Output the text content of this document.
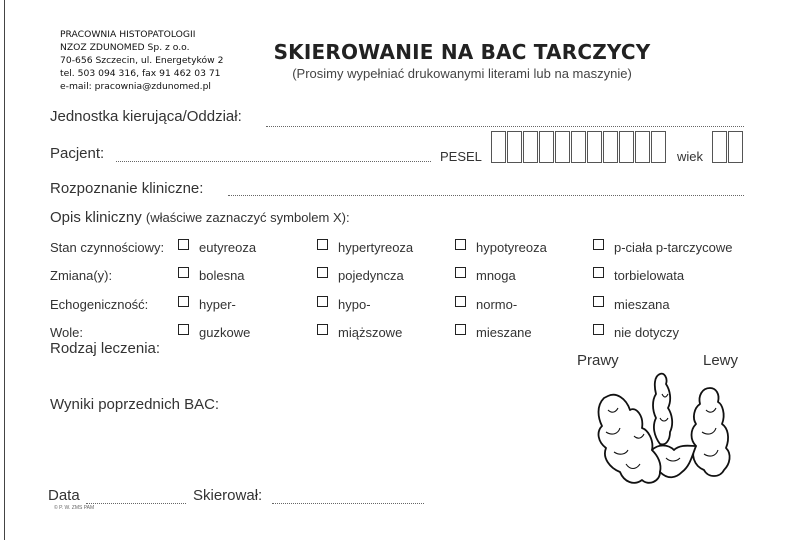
PRACOWNIA HISTOPATOLOGII
NZOZ ZDUNOMED Sp. z o.o.
70-656 Szczecin, ul. Energetyków 2
tel. 503 094 316, fax 91 462 03 71
e-mail: pracownia@zdunomed.pl
SKIEROWANIE NA BAC TARCZYCY
(Prosimy wypełniać drukowanymi literami lub na maszynie)
Jednostka kierująca/Oddział:
Pacjent:	PESEL	wiek
Rozpoznanie kliniczne:
Opis kliniczny (właściwe zaznaczyć symbolem X):
Stan czynnościowy:	eutyreoza	hypertyreoza	hypotyreoza	p-ciała p-tarczycowe
Zmiana(y):	bolesna	pojedyncza	mnoga	torbielowata
Echogeniczność:	hyper-	hypo-	normo-	mieszana
Wole:	guzkowe	miąższowe	mieszane	nie dotyczy
Rodzaj leczenia:
Wyniki poprzednich BAC:
Prawy	Lewy
Data	Skierował:
© P. W. ZMS PAM
